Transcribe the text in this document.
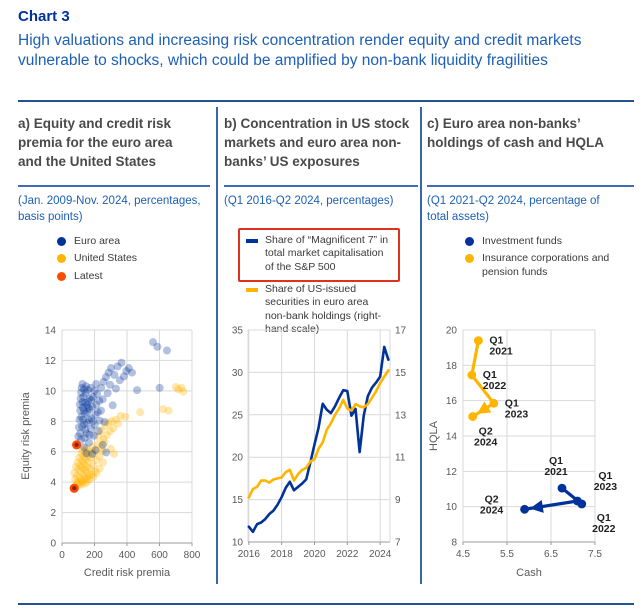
Chart 3
High valuations and increasing risk concentration render equity and credit markets vulnerable to shocks, which could be amplified by non-bank liquidity fragilities
a) Equity and credit risk premia for the euro area and the United States
b) Concentration in US stock markets and euro area non-banks’ US exposures
c) Euro area non-banks’ holdings of cash and HQLA
(Jan. 2009-Nov. 2024, percentages, basis points)
(Q1 2016-Q2 2024, percentages)	(Q1 2021-Q2 2024, percentage of total assets)
Euro area
United States
Latest
Share of “Magnificent 7” in total market capitalisation of the S&P 500
Share of US-issued securities in euro area non-bank holdings (right-hand scale)
Investment funds
Insurance corporations and pension funds
0
2
4
6
8
10
12
14
0 200 400 600 800
Credit risk premia
Equity risk premia
10
15
20
25
30
35
7
9
11
13
15
17
2016 2018 2020 2022 2024
8
10
12
14
16
18
20
4.5	5.5	6.5	7.5
Cash
HQLA
Q1 2021
Q1 2022
Q1 2023
Q2 2024
Q1 2021
Q1 2022
Q1 2023
Q2 2024
